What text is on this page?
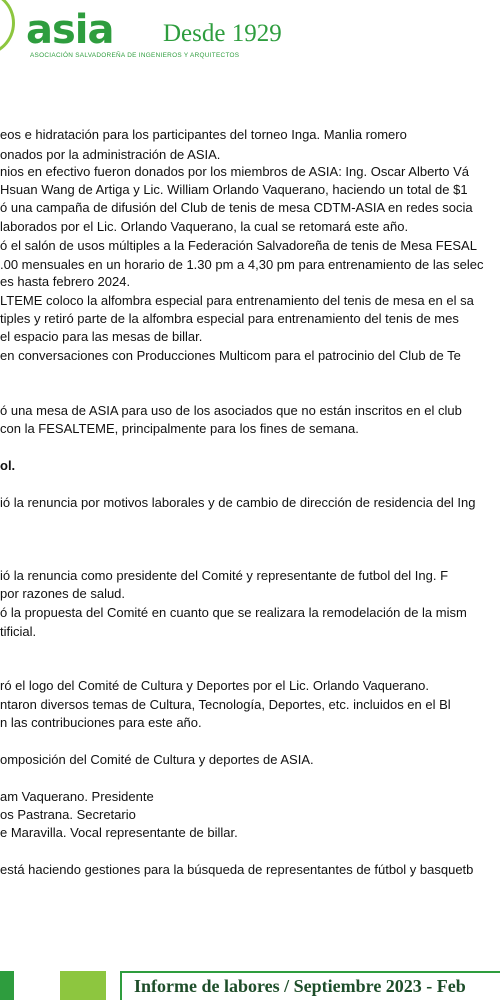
asia Desde 1929
ASOCIACIÓN SALVADOREÑA DE INGENIEROS Y ARQUITECTOS
eos e hidratación para los participantes del torneo Inga. Manlia romero
onados por la administración de ASIA.
nios en efectivo fueron donados por los miembros de ASIA: Ing. Oscar Alberto Vá
Hsuan Wang de Artiga y Lic. William Orlando Vaquerano, haciendo un total de $1
ó una campaña de difusión del Club de tenis de mesa CDTM-ASIA en redes socia
laborados por el Lic. Orlando Vaquerano, la cual se retomará este año.
ó el salón de usos múltiples a la Federación Salvadoreña de tenis de Mesa FESAL
.00 mensuales en un horario de 1.30 pm a 4,30 pm para entrenamiento de las selec
es hasta febrero 2024.
LTEME coloco la alfombra especial para entrenamiento del tenis de mesa en el sa
tiples y retiró parte de la alfombra especial para entrenamiento del tenis de mes
el espacio para las mesas de billar.
en conversaciones con Producciones Multicom para el patrocinio del Club de Te
ó una mesa de ASIA para uso de los asociados que no están inscritos en el club
con la FESALTEME, principalmente para los fines de semana.
ol.
ió la renuncia por motivos laborales y de cambio de dirección de residencia del Ing
ió la renuncia como presidente del Comité y representante de futbol del Ing. F
por razones de salud.
ó la propuesta del Comité en cuanto que se realizara la remodelación de la mism
tificial.
ró el logo del Comité de Cultura y Deportes por el Lic. Orlando Vaquerano.
ntaron diversos temas de Cultura, Tecnología, Deportes, etc. incluidos en el Bl
n las contribuciones para este año.
omposición del Comité de Cultura y deportes de ASIA.
am Vaquerano. Presidente
os Pastrana. Secretario
e Maravilla. Vocal representante de billar.
está haciendo gestiones para la búsqueda de representantes de fútbol y basquetb
Informe de labores / Septiembre 2023 - Feb
